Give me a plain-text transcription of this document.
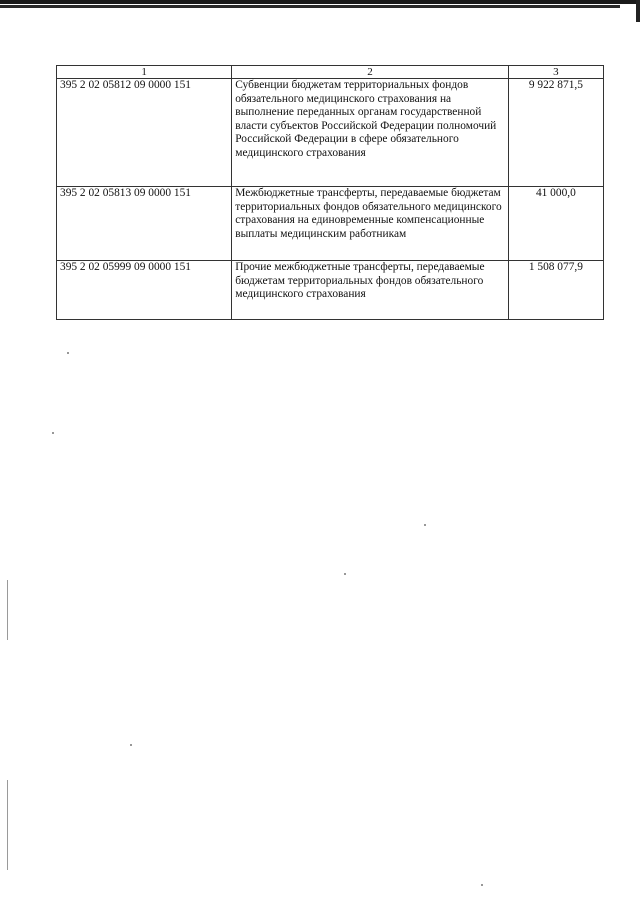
1	2	3
395 2 02 05812 09 0000 151	Субвенции бюджетам территориальных фондов обязательного медицинского страхования на выполнение переданных органам государственной власти субъектов Российской Федерации полномочий Российской Федерации в сфере обязательного медицинского страхования	9 922 871,5
395 2 02 05813 09 0000 151	Межбюджетные трансферты, передаваемые бюджетам территориальных фондов обязательного медицинского страхования на единовременные компенсационные выплаты медицинским работникам	41 000,0
395 2 02 05999 09 0000 151	Прочие межбюджетные трансферты, передаваемые бюджетам территориальных фондов обязательного медицинского страхования	1 508 077,9
